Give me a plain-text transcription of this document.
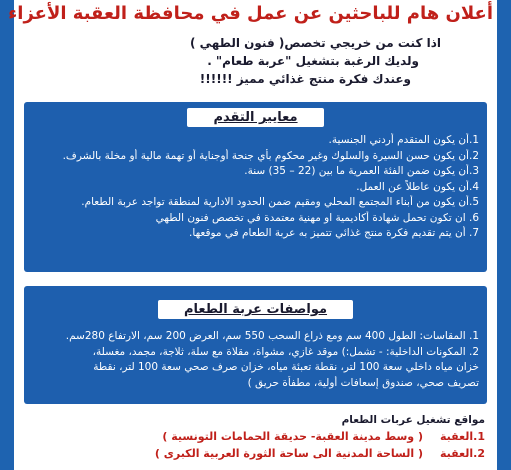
أعلان هام للباحثين عن عمل في محافظة العقبة الأعزاء
اذا كنت من خريجي تخصص( فنون الطهي )
ولديك الرغبة بتشغيل "عربة طعام" .
وعندك فكرة منتج غذائي مميز !!!!!!
معايير التقدم
1.أن يكون المتقدم أردني الجنسية.
2.أن يكون حسن السيرة والسلوك وغير محكوم بأي جنحة أوجناية أو تهمة مالية أو مخلة بالشرف.
3.أن يكون ضمن الفئة العمرية ما بين (22 – 35) سنة.
4.أن يكون عاطلاً عن العمل.
5.أن يكون من أبناء المجتمع المحلي ومقيم ضمن الحدود الادارية لمنطقة تواجد عربة الطعام.
6. ان تكون تحمل شهادة أكاديمية او مهنية معتمدة في تخصص فنون الطهي
7. أن يتم تقديم فكرة منتج غذائي تتميز به عربة الطعام في موقعها.
مواصفات عربة الطعام
1. المقاسات: الطول 400 سم ومع ذراع السحب 550 سم، العرض 200 سم، الارتفاع 280سم.
2. المكونات الداخلية: - تشمل:) موقد غازي، مشواة، مقلاة مع سلة، ثلاجة، مجمد، مغسلة،
خزان مياه داخلي سعة 100 لتر، نقطة تعبئة مياه، خزان صرف صحي سعة 100 لتر، نقطة
تصريف صحي، صندوق إسعافات أولية، مطفأة حريق )
مواقع تشغيل عربات الطعام
1.العقبة
( وسط مدينة العقبة- حديقة الحمامات التونسية )
2.العقبة
( الساحة المدنية الى ساحة الثورة العربية الكبرى )
